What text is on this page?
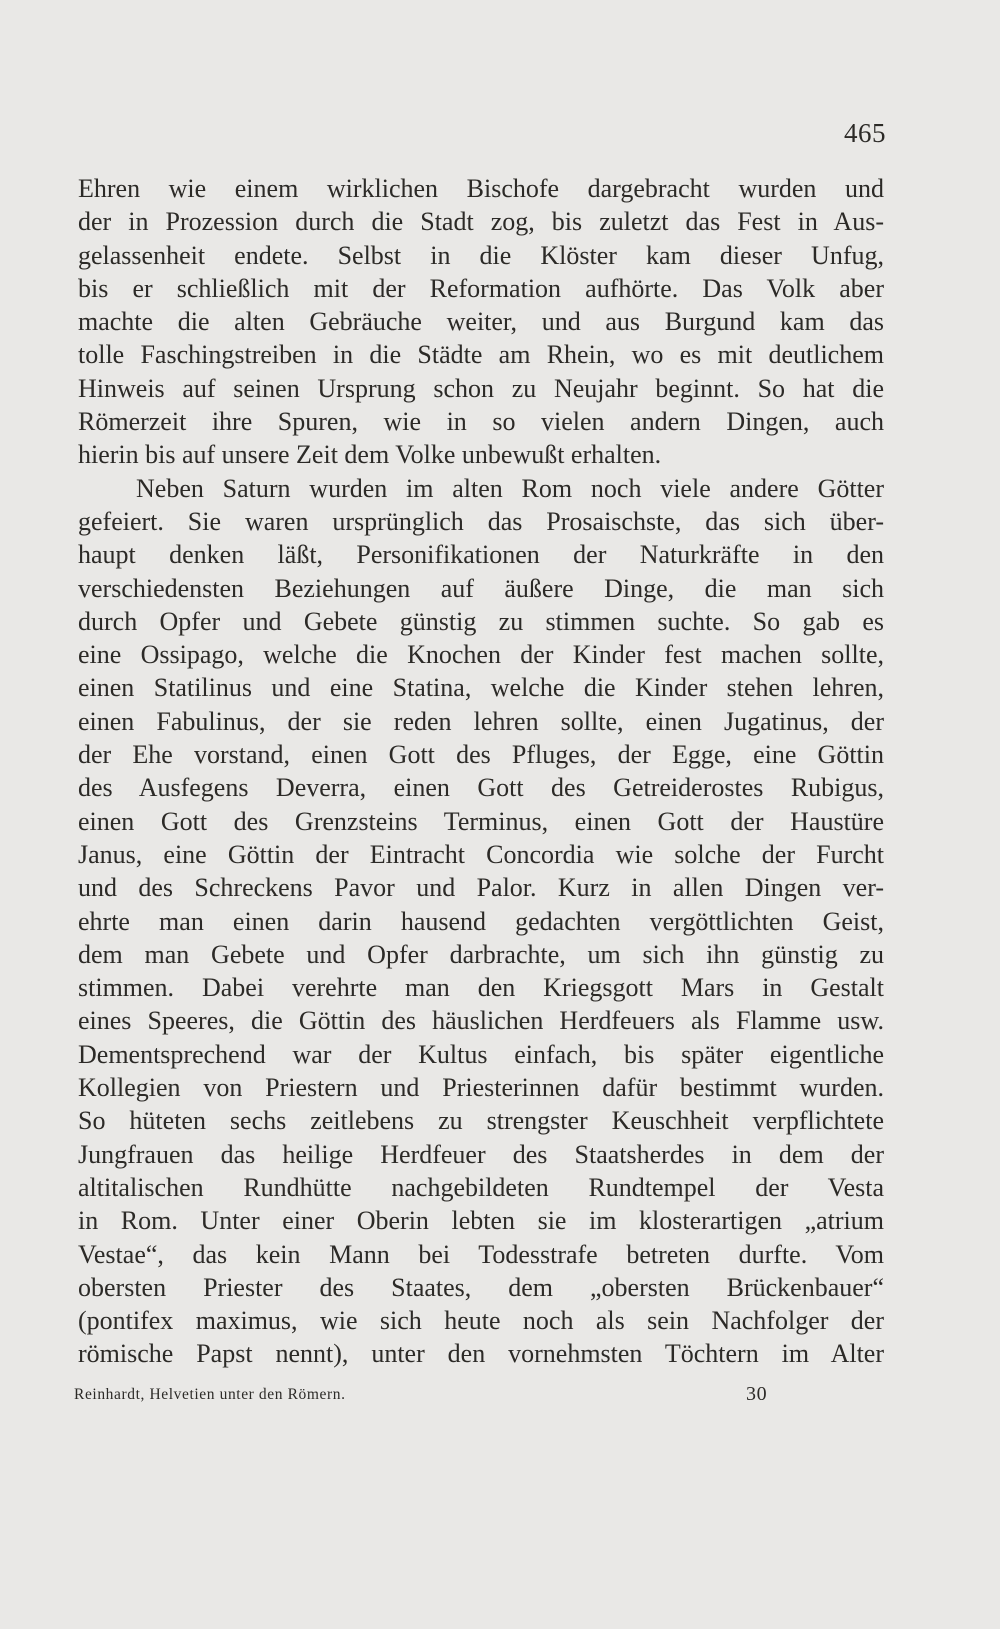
465
Ehren wie einem wirklichen Bischofe dargebracht wurden und
der in Prozession durch die Stadt zog, bis zuletzt das Fest in Aus-
gelassenheit endete. Selbst in die Klöster kam dieser Unfug,
bis er schließlich mit der Reformation aufhörte. Das Volk aber
machte die alten Gebräuche weiter, und aus Burgund kam das
tolle Faschingstreiben in die Städte am Rhein, wo es mit deutlichem
Hinweis auf seinen Ursprung schon zu Neujahr beginnt. So hat die
Römerzeit ihre Spuren, wie in so vielen andern Dingen, auch
hierin bis auf unsere Zeit dem Volke unbewußt erhalten.
Neben Saturn wurden im alten Rom noch viele andere Götter
gefeiert. Sie waren ursprünglich das Prosaischste, das sich über-
haupt denken läßt, Personifikationen der Naturkräfte in den
verschiedensten Beziehungen auf äußere Dinge, die man sich
durch Opfer und Gebete günstig zu stimmen suchte. So gab es
eine Ossipago, welche die Knochen der Kinder fest machen sollte,
einen Statilinus und eine Statina, welche die Kinder stehen lehren,
einen Fabulinus, der sie reden lehren sollte, einen Jugatinus, der
der Ehe vorstand, einen Gott des Pfluges, der Egge, eine Göttin
des Ausfegens Deverra, einen Gott des Getreiderostes Rubigus,
einen Gott des Grenzsteins Terminus, einen Gott der Haustüre
Janus, eine Göttin der Eintracht Concordia wie solche der Furcht
und des Schreckens Pavor und Palor. Kurz in allen Dingen ver-
ehrte man einen darin hausend gedachten vergöttlichten Geist,
dem man Gebete und Opfer darbrachte, um sich ihn günstig zu
stimmen. Dabei verehrte man den Kriegsgott Mars in Gestalt
eines Speeres, die Göttin des häuslichen Herdfeuers als Flamme usw.
Dementsprechend war der Kultus einfach, bis später eigentliche
Kollegien von Priestern und Priesterinnen dafür bestimmt wurden.
So hüteten sechs zeitlebens zu strengster Keuschheit verpflichtete
Jungfrauen das heilige Herdfeuer des Staatsherdes in dem der
altitalischen Rundhütte nachgebildeten Rundtempel der Vesta
in Rom. Unter einer Oberin lebten sie im klosterartigen „atrium
Vestae“, das kein Mann bei Todesstrafe betreten durfte. Vom
obersten Priester des Staates, dem „obersten Brückenbauer“
(pontifex maximus, wie sich heute noch als sein Nachfolger der
römische Papst nennt), unter den vornehmsten Töchtern im Alter
Reinhardt, Helvetien unter den Römern.	30
